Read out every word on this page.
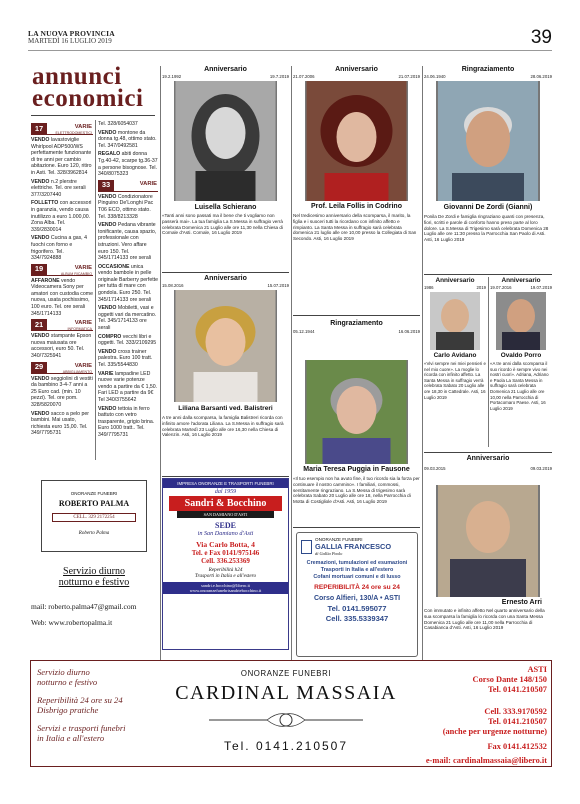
LA NUOVA PROVINCIA
MARTEDÌ 16 LUGLIO 2019	39
annunci
economici
17	VARIE
ELETTRODOMESTICI
VENDO lavastoviglie Whirlpool ADP500/WS perfettamente funzionante di tre anni per cambio abitazione. Euro 120, ritiro in Asti. Tel. 328/3962814
VENDO n.2 plerstre elettriche. Tel. ore serali 377/3207440
FOLLETTO con accessori in garanzia, vendo causa inutilizzo a euro 1.000,00. Zona Alba. Tel. 339/2830014
VENDO Cucina a gas, 4 fuochi con forno e frigorifero. Tel. 334/7924888
19	VARIE
ALBUM RICAMBIO
AFFARONE vendo Videocamera Sony per amatori con custodia come nuova, usata pochissimo, 100 euro. Tel. ore serali 345/1714133
21	VARIE
INFORMATICA
VENDO stampante Epson nuova maiusata ore accessori, euro 50. Tel. 340/7325941
29	VARIE
ABBIGLIAMENTO
VENDO seggiolini di vestiti da bambino 3-4-7 anni a 25 Euro cad. (min. 10 pezzi). Tel. ore pom. 328/5820070
VENDO sacco a pelo per bambini. Mai usato, richiesta euro 15,00. Tel. 349/7795731
Tel. 328/6054037
VENDO montone da donna tg.48, ottimo stato. Tel. 347/0492581
REGALO abiti donna Tg.40-42, scarpe tg.36-37 a persone bisognose. Tel. 340/8075323
33	VARIE
VENDO Condizionatore Pinguino De'Longhi Pac T06 ECO, ottimo stato. Tel. 338/8213328
VENDO Pedana vibrante tonificante, causa spazio, professionale con istruzioni. Vero affare euro 150. Tel. 345/1714133 ore serali
OCCASIONE unica vendo bambole in pelle originale Barberry perfette per tutta di mare con gondola. Euro 250. Tel. 345/1714133 ore serali
VENDO Mobiletti, vasi e oggetti vari da mercatino. Tel. 345/1714133 ore serali
COMPRO vecchi libri e oggetti. Tel. 333/2109295
VENDO cross trainer palestra. Euro 100 tratt. Tel. 335/5544830
VARIE lampadine LED nuove varie potenze vendo a partire da € 1,50. Fari LED a partire da 9€ Tel 340/3755642
VENDO tettoia in ferro battuto con vetro trasparente, grigio brina. Euro 1000 tratt.. Tel. 349/7795731
Anniversario
19.2.1992	19.7.2019
Luisella Schierano
«Tanti anni sono passati ma il bene che ti vogliamo non passerà mai». La tua famiglia La S.Messa in suffragio verrà celebrata Domenica 21 Luglio alle ore 11,30 nella Chiesa di Cornale d'Asti. Cornale, 16 Luglio 2019
Anniversario
21.07.2006	21.07.2019
Prof. Leila Follis in Codrino
Nel tredicesimo anniversario della scomparsa, il marito, la figlia e i suoceri tutti la ricordano con infinito affetto e rimpianto. La Santa Messa in suffragio sarà celebrata domenica 21 luglio alle ore 10,00 presso la Collegiata di San Secondo. Asti, 16 Luglio 2019
Ringraziamento
24.06.1940	28.06.2019
Giovanni De Zordi (Gianni)
Ponila De Zordi e famiglia ringraziano quanti con presenza, fiori, scritti e parole di conforto hanno preso parte al loro dolore. La S.Messa di Trigesimo sarà celebrata Domenica 28 Luglio alle ore 11:30 presso la Parrocchia San Paolo di Asti. Asti, 16 Luglio 2019
Anniversario
15.08.2016	15.07.2019
Liliana Barsanti ved. Balistreri
A tre anni dalla scomparsa, la famiglia Balistreri ricorda con infinito amore l'adorata Liliana. La S.Messa in suffragio sarà celebrata Martedì 23 Luglio alle ore 16,30 nella Chiesa di Valenzin. Asti, 16 Luglio 2019
Ringraziamento
05.12.1944	16.06.2019
Maria Teresa Puggia in Fausone
«Il tuo esempio non ha avuto fine, il tuo ricordo sia la forza per continuare il nostro cammino». I familiari, commossi, sentitamente ringraziano. La S.Messa di trigesimo sarà celebrata Sabato 20 Luglio alle ore 18, nella Parrocchia di Motta di Costigliole d'Asti. Asti, 16 Luglio 2019
Anniversario
1986	2019
Carlo Avidano
«Vivi sempre nei miei pensieri e nel mio cuore». La moglie lo ricorda con infinito affetto. La Santa Messa in suffragio verrà celebrata Sabato 20 Luglio alle ore 18,30 in Cattedrale. Asti, 16 Luglio 2019
Anniversario
19.07.2016	19.07.2019
Ovaldo Porro
«A tre anni dalla scomparsa il suo ricordo è sempre vivo nei nostri cuori». Adriana, Adriano e Paola La Santa Messa in suffragio sarà celebrata Domenica 21 Luglio alle ore 10,00 nella Parrocchia di Portacomaro Paese. Asti, 16 Luglio 2019
Anniversario
09.03.2015	09.03.2019
Ernesto Arri
Con immutato e infinito affetto Nel quarto anniversario della sua scomparsa la famiglia lo ricorda con una Santa Messa Domenica 21 Luglio alle ore 11,00 nella Parrocchia di Casabianca d'Asti. Asti, 16 Luglio 2019
ONORANZE FUNEBRI
ROBERTO PALMA
CELL. 329 2172254
Roberto Palma
Servizio diurno
notturno e festivo
mail: roberto.palma47@gmail.com
Web: www.robertopalma.it
IMPRESA ONORANZE E TRASPORTI FUNEBRI
dal 1959
Sandri & Bocchino
SAN DAMIANO D'ASTI
SEDE
in San Damiano d'Asti
Via Carlo Botta, 4
Tel. e Fax 0141/975146
Cell. 336.253369
Reperibilità h24
Trasporti in Italia e all'estero
sandri.e.bocchino@libero.it
www.onoranzefunebrisandriebocchino.it
ONORANZE FUNEBRI
GALLIA FRANCESCO
di Gallia Paolo
Cremazioni, tumulazioni ed esumazioni
Trasporti in Italia e all'estero
Cofani mortuari comuni e di lusso
REPERIBILITÀ 24 ore su 24
Corso Alfieri, 130/A • ASTI
Tel. 0141.595077
Cell. 335.5339347
Servizio diurno
notturno e festivo
Reperibilità 24 ore su 24
Disbrigo pratiche
Servizi e trasporti funebri
in Italia e all'estero
ONORANZE FUNEBRI
CARDINAL MASSAIA
Tel. 0141.210507
ASTI
Corso Dante 148/150
Tel. 0141.210507
Cell. 333.9170592
Tel. 0141.210507
(anche per urgenze notturne)
Fax 0141.412532
e-mail: cardinalmassaia@libero.it
